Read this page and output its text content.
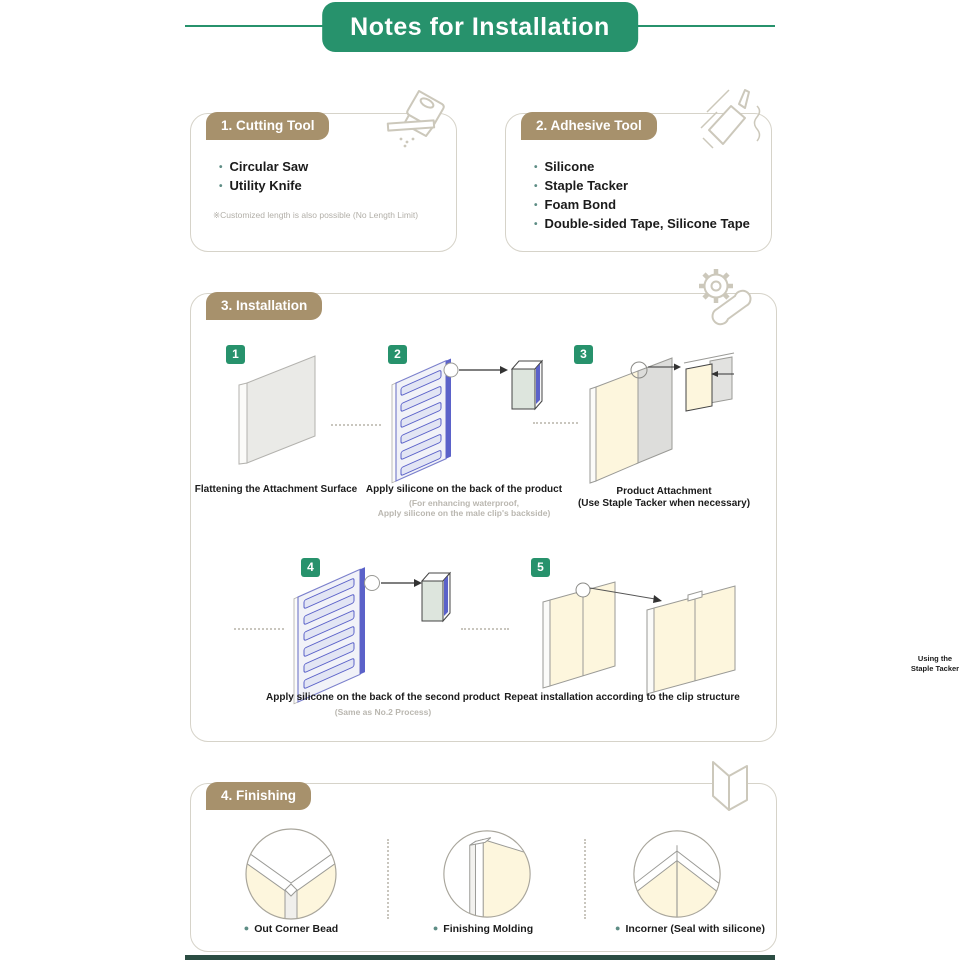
Notes for Installation
1. Cutting Tool
• Circular Saw
• Utility Knife
※Customized length is also possible (No Length Limit)
2. Adhesive Tool
• Silicone
• Staple Tacker
• Foam Bond
• Double-sided Tape, Silicone Tape
3. Installation
1	2	3
4	5
Using the
Staple Tacker
Flattening the Attachment Surface Apply silicone on the back of the product
(For enhancing waterproof,
Apply silicone on the male clip's backside)
Product Attachment
(Use Staple Tacker when necessary)
Apply silicone on the back of the second product
(Same as No.2 Process)
Repeat installation according to the clip structure
4. Finishing
● Out Corner Bead	● Finishing Molding	● Incorner (Seal with silicone)
